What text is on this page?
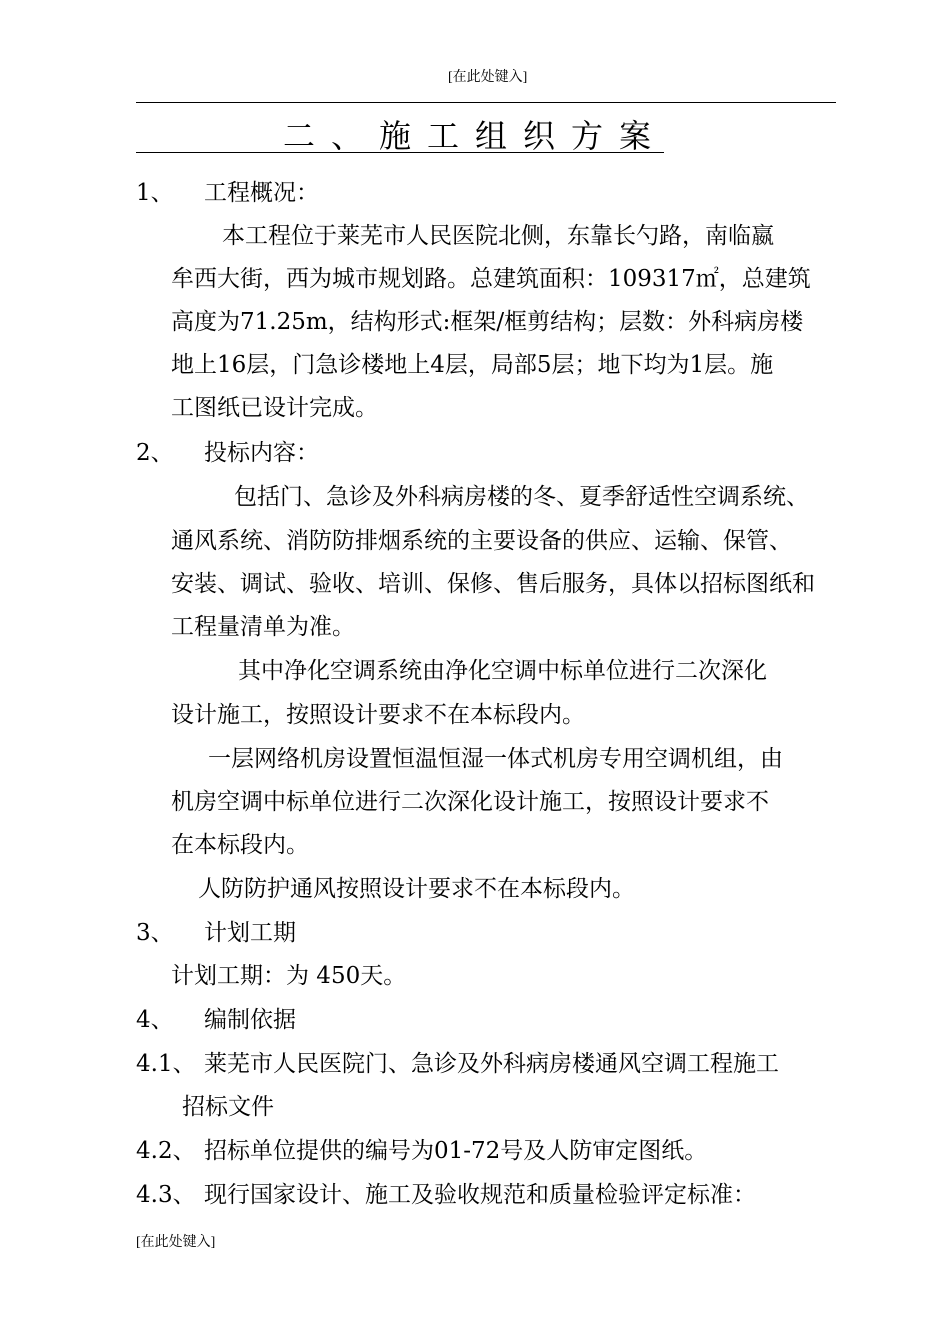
[在此处键入]
二、施工组织方案
1、 工程概况：
本工程位于莱芜市人民医院北侧，东靠长勺路，南临嬴
牟西大街，西为城市规划路。总建筑面积：109317㎡，总建筑
高度为71.25m，结构形式:框架/框剪结构；层数：外科病房楼
地上16层，门急诊楼地上4层，局部5层；地下均为1层。施
工图纸已设计完成。
2、 投标内容：
包括门、急诊及外科病房楼的冬、夏季舒适性空调系统、
通风系统、消防防排烟系统的主要设备的供应、运输、保管、
安装、调试、验收、培训、保修、售后服务，具体以招标图纸和
工程量清单为准。
其中净化空调系统由净化空调中标单位进行二次深化
设计施工，按照设计要求不在本标段内。
一层网络机房设置恒温恒湿一体式机房专用空调机组，由
机房空调中标单位进行二次深化设计施工，按照设计要求不
在本标段内。
人防防护通风按照设计要求不在本标段内。
3、 计划工期
计划工期：为 450天。
4、 编制依据
4.1、 莱芜市人民医院门、急诊及外科病房楼通风空调工程施工
招标文件
4.2、 招标单位提供的编号为01-72号及人防审定图纸。
4.3、 现行国家设计、施工及验收规范和质量检验评定标准：
[在此处键入]
